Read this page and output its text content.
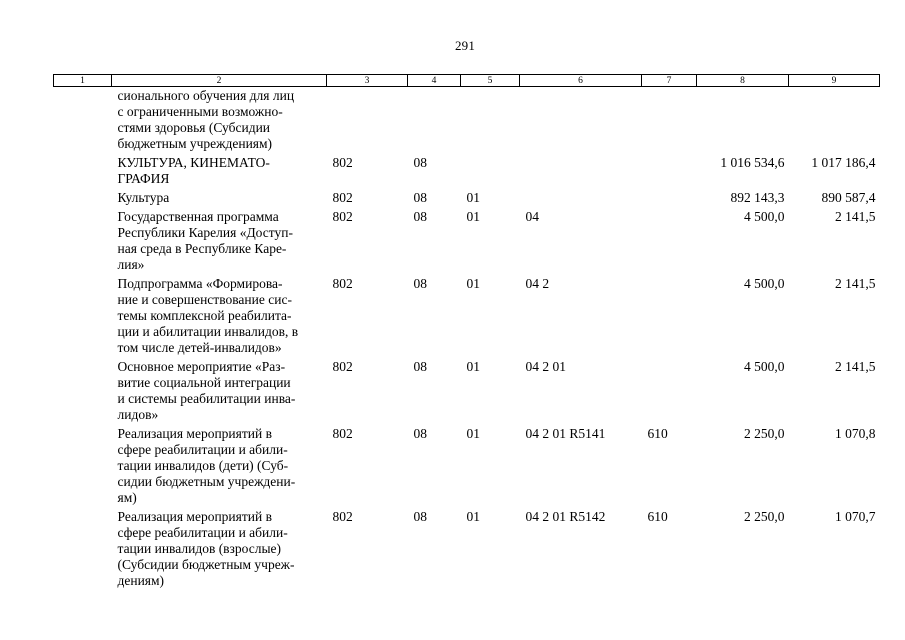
291
1	2	3	4	5	6	7	8	9
	сионального обучения для лиц
с ограниченными возможно-
стями здоровья (Субсидии
бюджетным учреждениям)							
	КУЛЬТУРА, КИНЕМАТО-
ГРАФИЯ	802	08				1 016 534,6	1 017 186,4
	Культура	802	08	01			892 143,3	890 587,4
	Государственная программа
Республики Карелия «Доступ-
ная среда в Республике Каре-
лия»	802	08	01	04		4 500,0	2 141,5
	Подпрограмма «Формирова-
ние и совершенствование сис-
темы комплексной реабилита-
ции и абилитации инвалидов, в
том числе детей-инвалидов»	802	08	01	04 2		4 500,0	2 141,5
	Основное мероприятие «Раз-
витие социальной интеграции
и системы реабилитации инва-
лидов»	802	08	01	04 2 01		4 500,0	2 141,5
	Реализация мероприятий в
сфере реабилитации и абили-
тации инвалидов (дети) (Суб-
сидии бюджетным учреждени-
ям)	802	08	01	04 2 01 R5141	610	2 250,0	1 070,8
	Реализация мероприятий в
сфере реабилитации и абили-
тации инвалидов (взрослые)
(Субсидии бюджетным учреж-
дениям)	802	08	01	04 2 01 R5142	610	2 250,0	1 070,7
